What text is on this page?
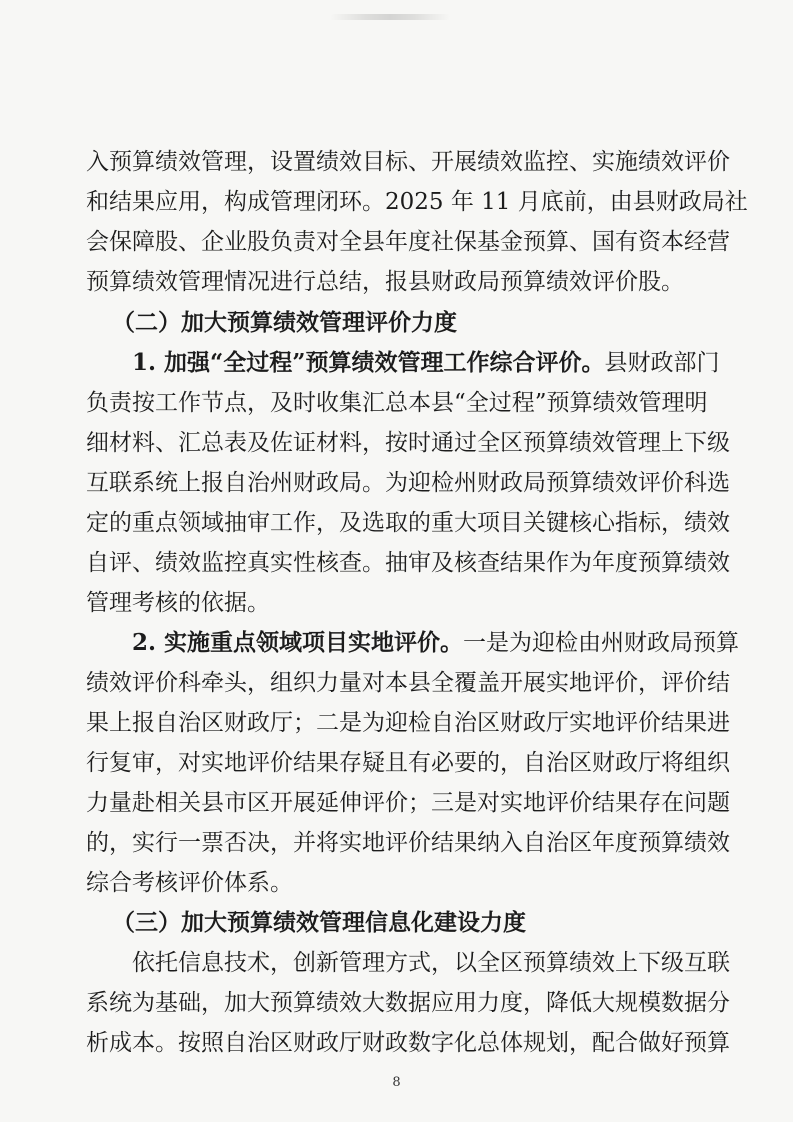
入预算绩效管理，设置绩效目标、开展绩效监控、实施绩效评价
和结果应用，构成管理闭环。2025 年 11 月底前，由县财政局社
会保障股、企业股负责对全县年度社保基金预算、国有资本经营
预算绩效管理情况进行总结，报县财政局预算绩效评价股。
（二）加大预算绩效管理评价力度
1. 加强“全过程”预算绩效管理工作综合评价。县财政部门
负责按工作节点，及时收集汇总本县“全过程”预算绩效管理明
细材料、汇总表及佐证材料，按时通过全区预算绩效管理上下级
互联系统上报自治州财政局。为迎检州财政局预算绩效评价科选
定的重点领域抽审工作，及选取的重大项目关键核心指标，绩效
自评、绩效监控真实性核查。抽审及核查结果作为年度预算绩效
管理考核的依据。
2. 实施重点领域项目实地评价。一是为迎检由州财政局预算
绩效评价科牵头，组织力量对本县全覆盖开展实地评价，评价结
果上报自治区财政厅；二是为迎检自治区财政厅实地评价结果进
行复审，对实地评价结果存疑且有必要的，自治区财政厅将组织
力量赴相关县市区开展延伸评价；三是对实地评价结果存在问题
的，实行一票否决，并将实地评价结果纳入自治区年度预算绩效
综合考核评价体系。
（三）加大预算绩效管理信息化建设力度
依托信息技术，创新管理方式，以全区预算绩效上下级互联
系统为基础，加大预算绩效大数据应用力度，降低大规模数据分
析成本。按照自治区财政厅财政数字化总体规划，配合做好预算
8
